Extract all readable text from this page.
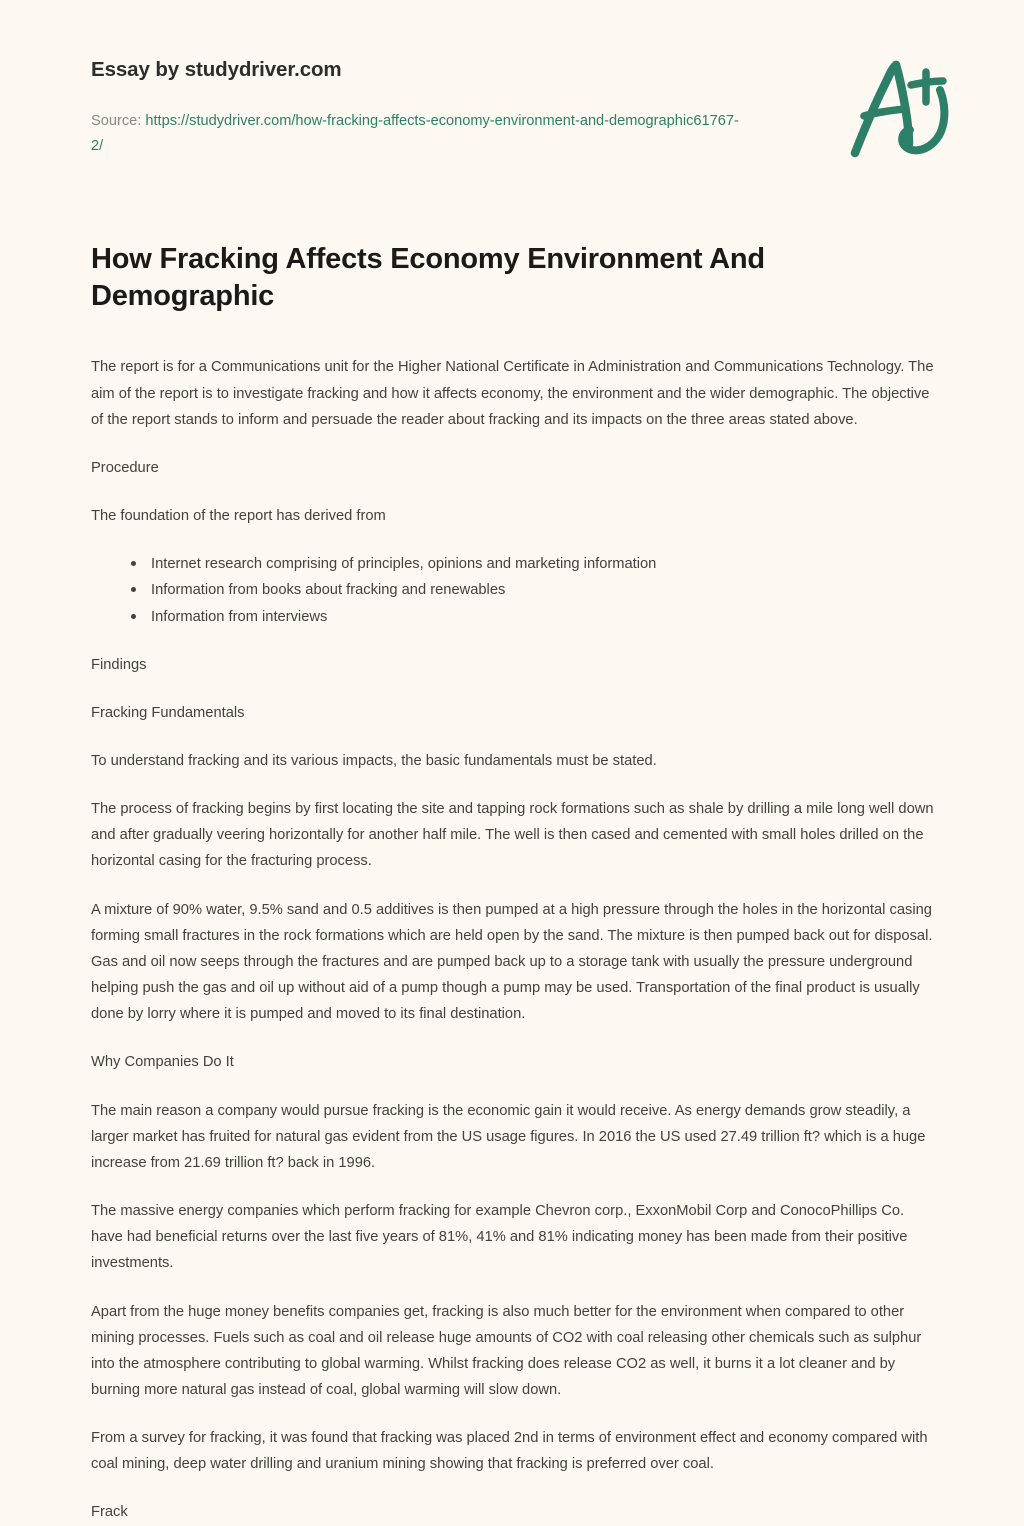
Essay by studydriver.com

Source: https://studydriver.com/how-fracking-affects-economy-environment-and-demographic61767-2/

How Fracking Affects Economy Environment And Demographic

The report is for a Communications unit for the Higher National Certificate in Administration and Communications Technology. The aim of the report is to investigate fracking and how it affects economy, the environment and the wider demographic. The objective of the report stands to inform and persuade the reader about fracking and its impacts on the three areas stated above.

Procedure

The foundation of the report has derived from

Internet research comprising of principles, opinions and marketing information
Information from books about fracking and renewables
Information from interviews

Findings

Fracking Fundamentals

To understand fracking and its various impacts, the basic fundamentals must be stated.

The process of fracking begins by first locating the site and tapping rock formations such as shale by drilling a mile long well down and after gradually veering horizontally for another half mile. The well is then cased and cemented with small holes drilled on the horizontal casing for the fracturing process.

A mixture of 90% water, 9.5% sand and 0.5 additives is then pumped at a high pressure through the holes in the horizontal casing forming small fractures in the rock formations which are held open by the sand. The mixture is then pumped back out for disposal. Gas and oil now seeps through the fractures and are pumped back up to a storage tank with usually the pressure underground helping push the gas and oil up without aid of a pump though a pump may be used. Transportation of the final product is usually done by lorry where it is pumped and moved to its final destination.

Why Companies Do It

The main reason a company would pursue fracking is the economic gain it would receive. As energy demands grow steadily, a larger market has fruited for natural gas evident from the US usage figures. In 2016 the US used 27.49 trillion ft? which is a huge increase from 21.69 trillion ft? back in 1996.

The massive energy companies which perform fracking for example Chevron corp., ExxonMobil Corp and ConocoPhillips Co. have had beneficial returns over the last five years of 81%, 41% and 81% indicating money has been made from their positive investments.

Apart from the huge money benefits companies get, fracking is also much better for the environment when compared to other mining processes. Fuels such as coal and oil release huge amounts of CO2 with coal releasing other chemicals such as sulphur into the atmosphere contributing to global warming. Whilst fracking does release CO2 as well, it burns it a lot cleaner and by burning more natural gas instead of coal, global warming will slow down.

From a survey for fracking, it was found that fracking was placed 2nd in terms of environment effect and economy compared with coal mining, deep water drilling and uranium mining showing that fracking is preferred over coal.

Frack
